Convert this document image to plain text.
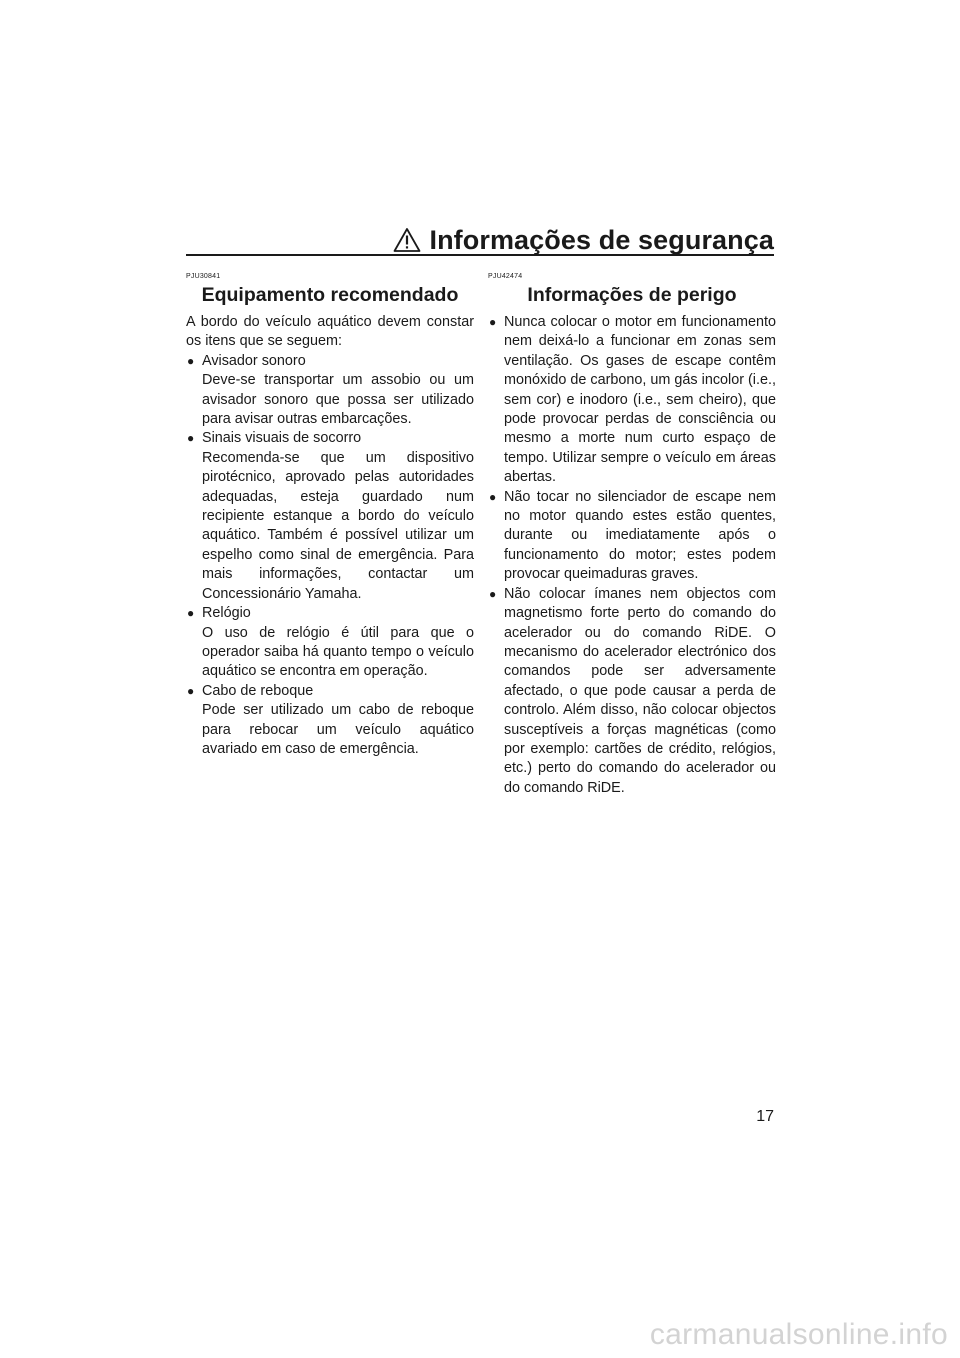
Informações de segurança
PJU30841
Equipamento recomendado

A bordo do veículo aquático devem constar os itens que se seguem:

● Avisador sonoro
Deve-se transportar um assobio ou um avisador sonoro que possa ser utilizado para avisar outras embarcações.
● Sinais visuais de socorro
Recomenda-se que um dispositivo pirotécnico, aprovado pelas autoridades adequadas, esteja guardado num recipiente estanque a bordo do veículo aquático. Também é possível utilizar um espelho como sinal de emergência. Para mais informações, contactar um Concessionário Yamaha.
● Relógio
O uso de relógio é útil para que o operador saiba há quanto tempo o veículo aquático se encontra em operação.
● Cabo de reboque
Pode ser utilizado um cabo de reboque para rebocar um veículo aquático avariado em caso de emergência.
PJU42474
Informações de perigo
● Nunca colocar o motor em funcionamento nem deixá-lo a funcionar em zonas sem ventilação. Os gases de escape contêm monóxido de carbono, um gás incolor (i.e., sem cor) e inodoro (i.e., sem cheiro), que pode provocar perdas de consciência ou mesmo a morte num curto espaço de tempo. Utilizar sempre o veículo em áreas abertas.
● Não tocar no silenciador de escape nem no motor quando estes estão quentes, durante ou imediatamente após o funcionamento do motor; estes podem provocar queimaduras graves.
● Não colocar ímanes nem objectos com magnetismo forte perto do comando do acelerador ou do comando RiDE. O mecanismo do acelerador electrónico dos comandos pode ser adversamente afectado, o que pode causar a perda de controlo. Além disso, não colocar objectos susceptíveis a forças magnéticas (como por exemplo: cartões de crédito, relógios, etc.) perto do comando do acelerador ou do comando RiDE.
17
carmanualsonline.info
